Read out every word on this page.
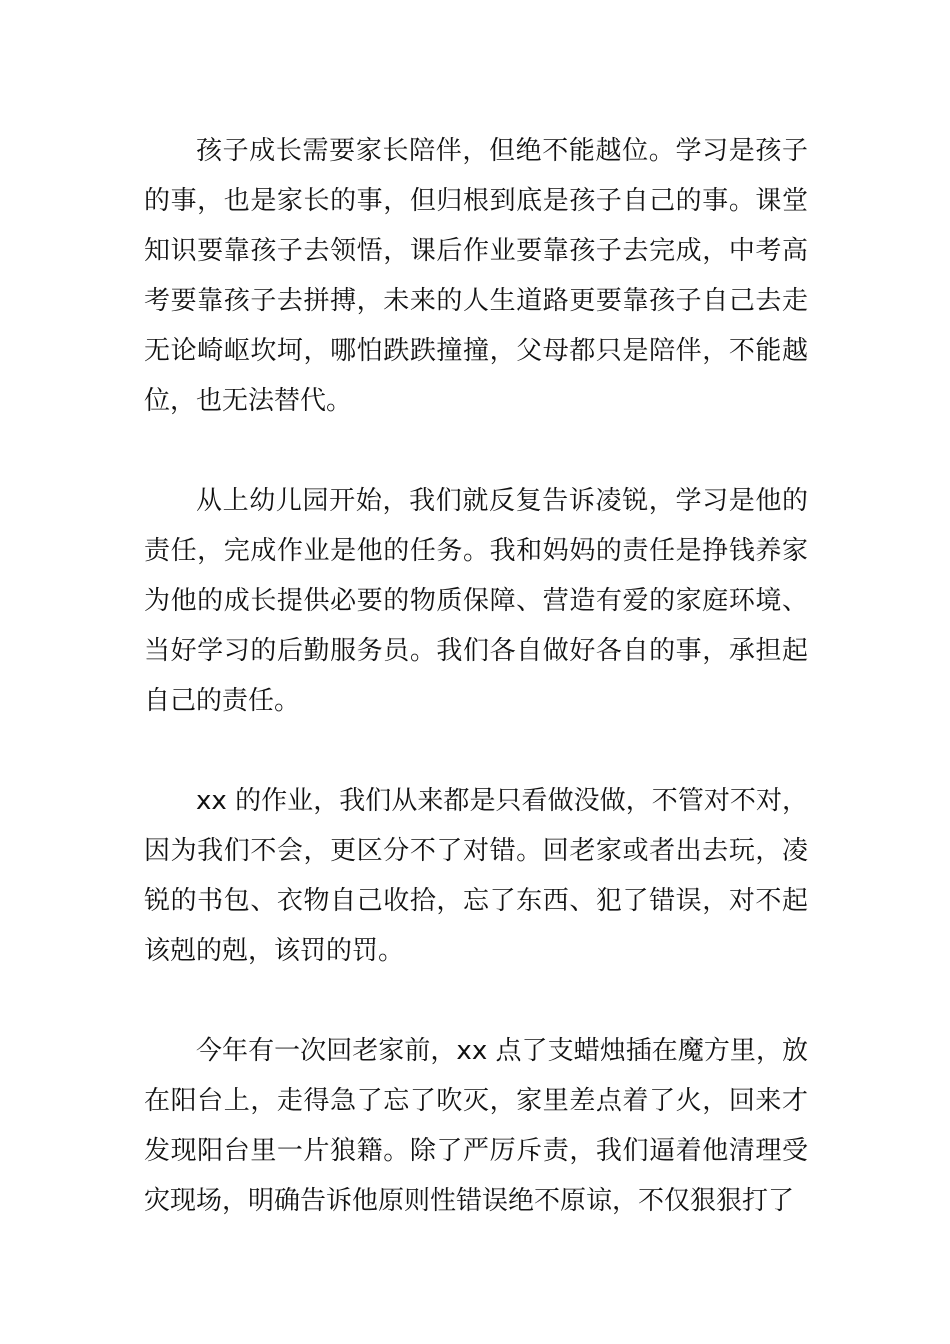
孩子成长需要家长陪伴，但绝不能越位。学习是孩子的事，也是家长的事，但归根到底是孩子自己的事。课堂知识要靠孩子去领悟，课后作业要靠孩子去完成，中考高考要靠孩子去拼搏，未来的人生道路更要靠孩子自己去走无论崎岖坎坷，哪怕跌跌撞撞，父母都只是陪伴，不能越位，也无法替代。

从上幼儿园开始，我们就反复告诉凌锐，学习是他的责任，完成作业是他的任务。我和妈妈的责任是挣钱养家为他的成长提供必要的物质保障、营造有爱的家庭环境、当好学习的后勤服务员。我们各自做好各自的事，承担起自己的责任。

xx 的作业，我们从来都是只看做没做，不管对不对，因为我们不会，更区分不了对错。回老家或者出去玩，凌锐的书包、衣物自己收拾，忘了东西、犯了错误，对不起该剋的剋，该罚的罚。

今年有一次回老家前，xx 点了支蜡烛插在魔方里，放在阳台上，走得急了忘了吹灭，家里差点着了火，回来才发现阳台里一片狼籍。除了严厉斥责，我们逼着他清理受灾现场，明确告诉他原则性错误绝不原谅，不仅狠狠打了
